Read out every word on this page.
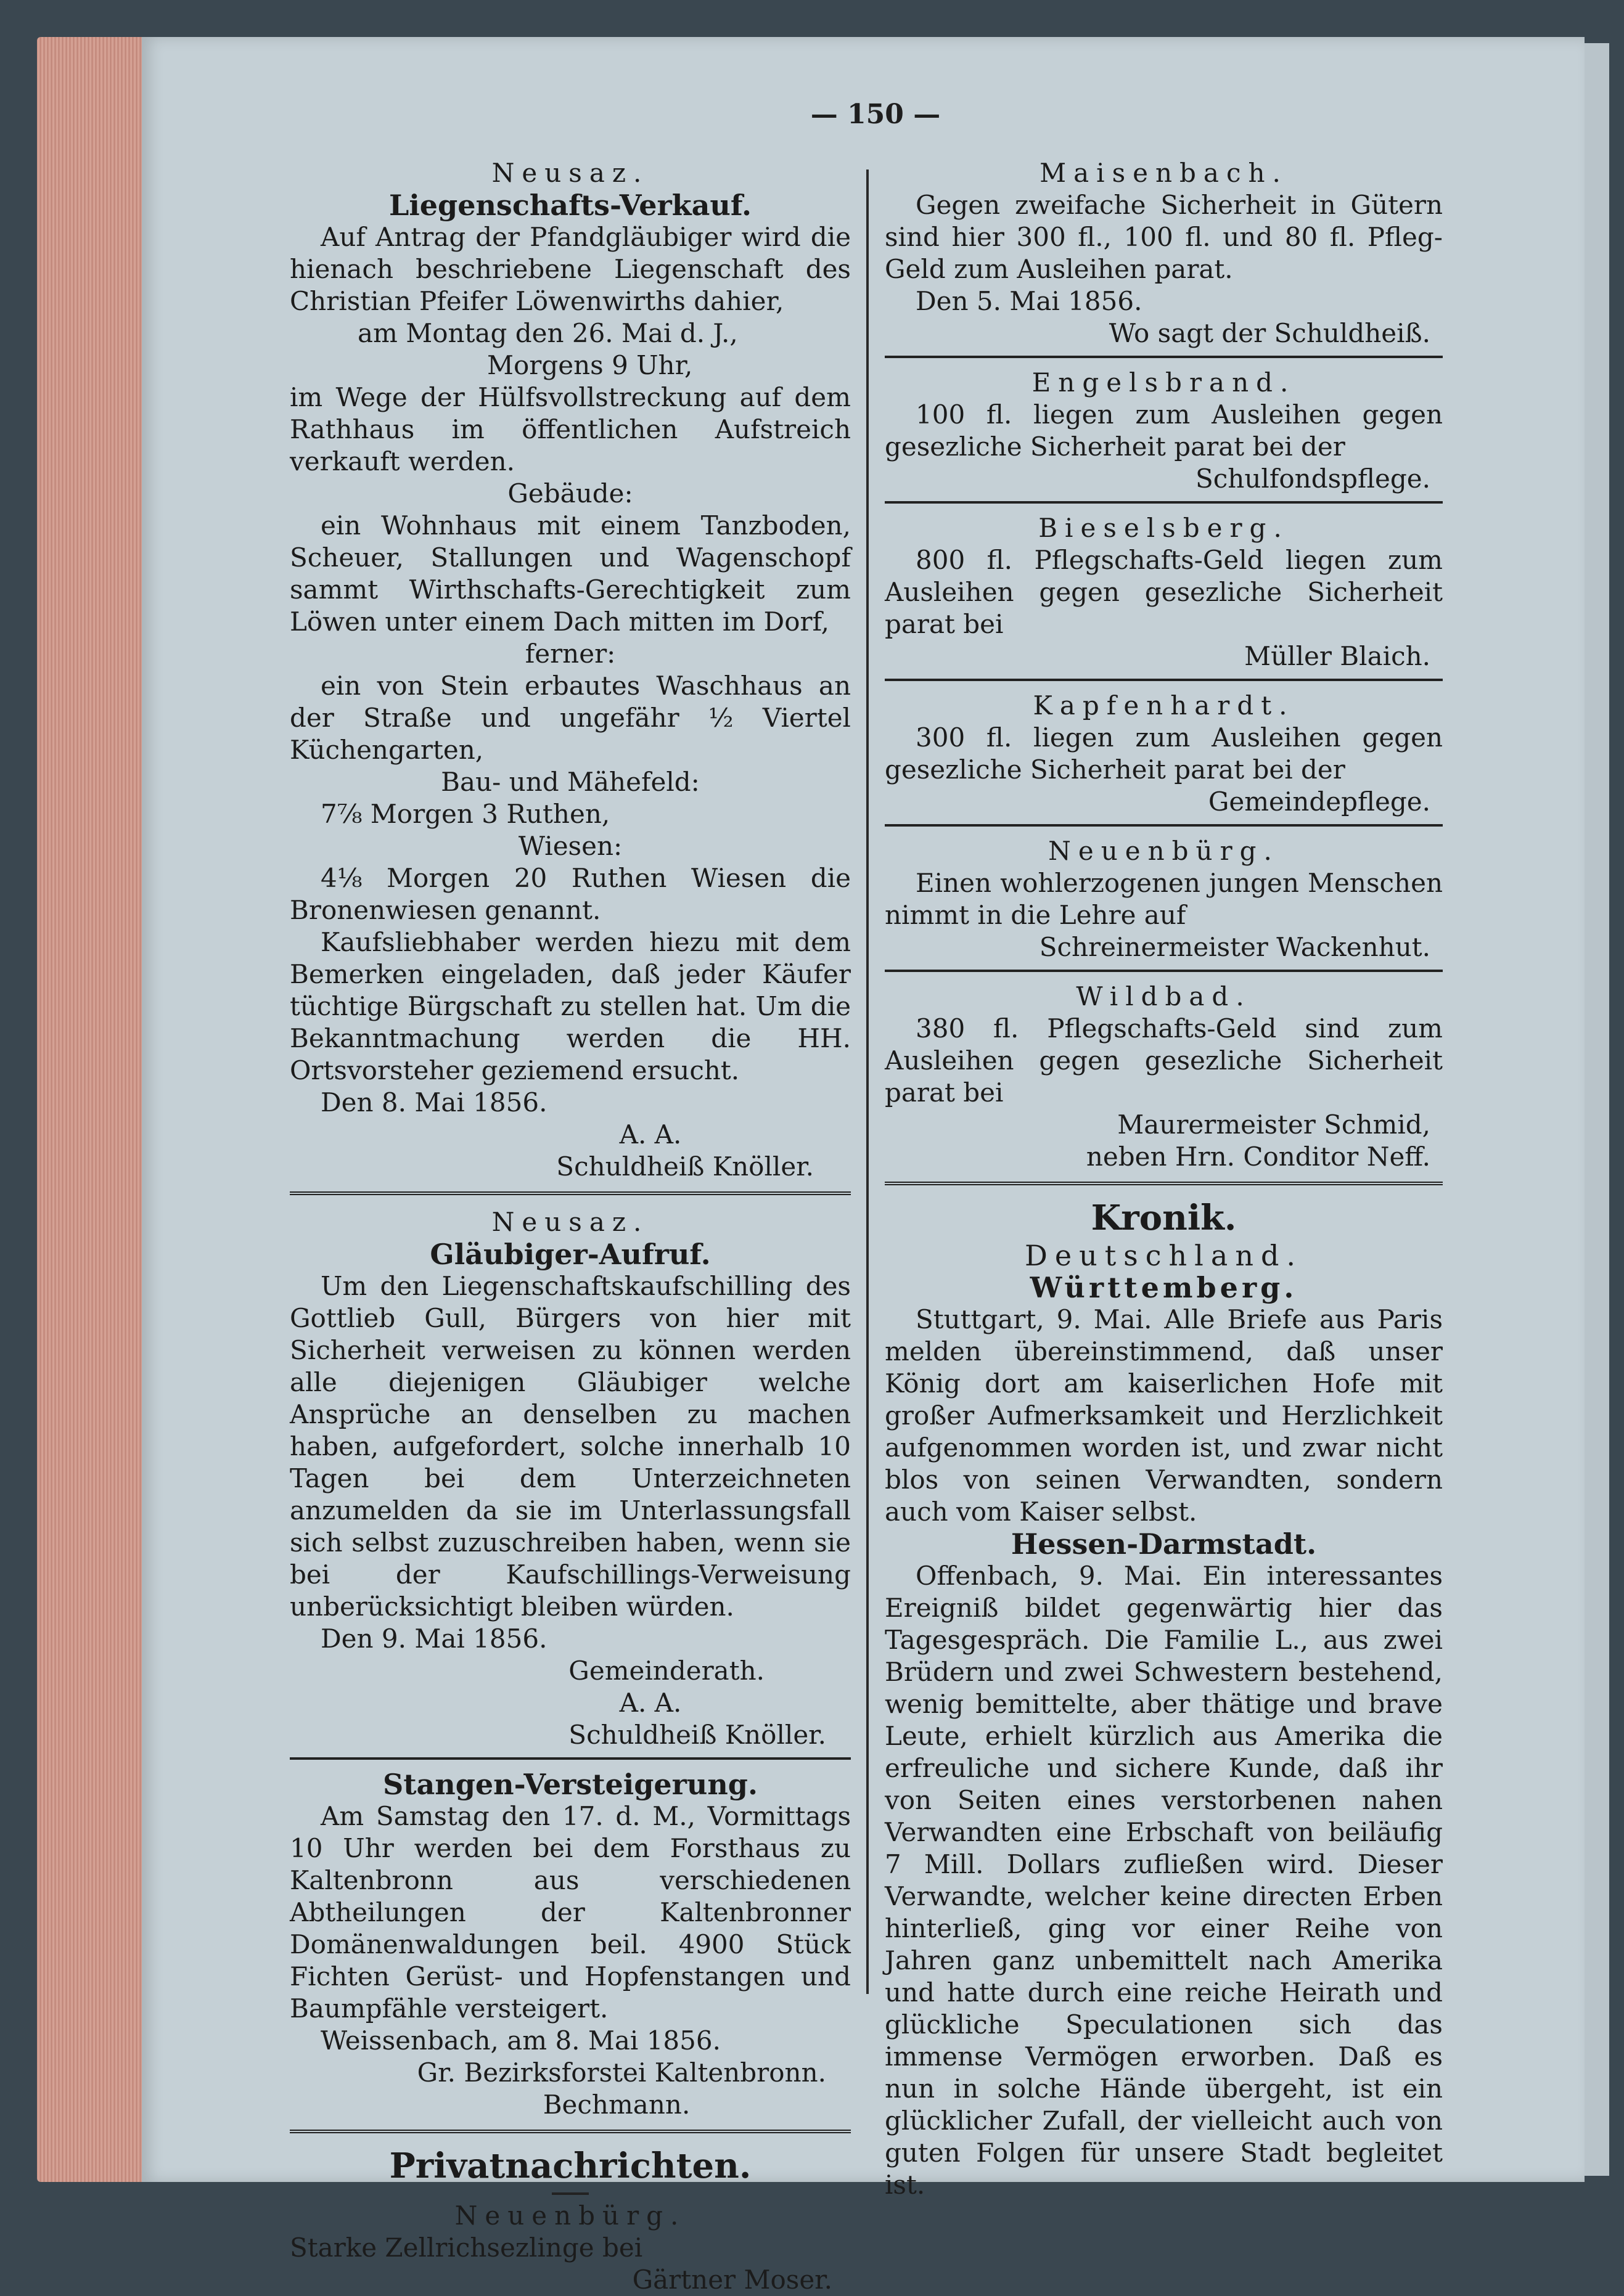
— 150 —
Neusaz.
Liegenschafts-Verkauf.
Auf Antrag der Pfandgläubiger wird die hienach beschriebene Liegenschaft des Christian Pfeifer Löwenwirths dahier,
am Montag den 26. Mai d. J.,
Morgens 9 Uhr,
im Wege der Hülfsvollstreckung auf dem Rathhaus im öffentlichen Aufstreich verkauft werden.
Gebäude:
ein Wohnhaus mit einem Tanzboden, Scheuer, Stallungen und Wagenschopf sammt Wirthschafts-Gerechtigkeit zum Löwen unter einem Dach mitten im Dorf,
ferner:
ein von Stein erbautes Waschhaus an der Straße und ungefähr ½ Viertel Küchengarten,
Bau- und Mähefeld:
7⅞ Morgen 3 Ruthen,
Wiesen:
4⅛ Morgen 20 Ruthen Wiesen die Bronenwiesen genannt.
Kaufsliebhaber werden hiezu mit dem Bemerken eingeladen, daß jeder Käufer tüchtige Bürgschaft zu stellen hat. Um die Bekanntmachung werden die HH. Ortsvorsteher geziemend ersucht.
Den 8. Mai 1856.
A. A.
Schuldheiß Knöller.
Neusaz.
Gläubiger-Aufruf.
Um den Liegenschaftskaufschilling des Gottlieb Gull, Bürgers von hier mit Sicherheit verweisen zu können werden alle diejenigen Gläubiger welche Ansprüche an denselben zu machen haben, aufgefordert, solche innerhalb 10 Tagen bei dem Unterzeichneten anzumelden da sie im Unterlassungsfall sich selbst zuzuschreiben haben, wenn sie bei der Kaufschillings-Verweisung unberücksichtigt bleiben würden.
Den 9. Mai 1856.
Gemeinderath.
A. A.
Schuldheiß Knöller.
Stangen-Versteigerung.
Am Samstag den 17. d. M., Vormittags 10 Uhr werden bei dem Forsthaus zu Kaltenbronn aus verschiedenen Abtheilungen der Kaltenbronner Domänenwaldungen beil. 4900 Stück Fichten Gerüst- und Hopfenstangen und Baumpfähle versteigert.
Weissenbach, am 8. Mai 1856.
Gr. Bezirksforstei Kaltenbronn.
Bechmann.
Privatnachrichten.
Neuenbürg.
Starke Zellrichsezlinge bei
Gärtner Moser.
Maisenbach.
Gegen zweifache Sicherheit in Gütern sind hier 300 fl., 100 fl. und 80 fl. Pfleg-Geld zum Ausleihen parat.
Den 5. Mai 1856.
Wo sagt der Schuldheiß.
Engelsbrand.
100 fl. liegen zum Ausleihen gegen gesezliche Sicherheit parat bei der
Schulfondspflege.
Bieselsberg.
800 fl. Pflegschafts-Geld liegen zum Ausleihen gegen gesezliche Sicherheit parat bei
Müller Blaich.
Kapfenhardt.
300 fl. liegen zum Ausleihen gegen gesezliche Sicherheit parat bei der
Gemeindepflege.
Neuenbürg.
Einen wohlerzogenen jungen Menschen nimmt in die Lehre auf
Schreinermeister Wackenhut.
Wildbad.
380 fl. Pflegschafts-Geld sind zum Ausleihen gegen gesezliche Sicherheit parat bei
Maurermeister Schmid,
neben Hrn. Conditor Neff.
Kronik.
Deutschland.
Württemberg.
Stuttgart, 9. Mai. Alle Briefe aus Paris melden übereinstimmend, daß unser König dort am kaiserlichen Hofe mit großer Aufmerksamkeit und Herzlichkeit aufgenommen worden ist, und zwar nicht blos von seinen Verwandten, sondern auch vom Kaiser selbst.
Hessen-Darmstadt.
Offenbach, 9. Mai. Ein interessantes Ereigniß bildet gegenwärtig hier das Tagesgespräch. Die Familie L., aus zwei Brüdern und zwei Schwestern bestehend, wenig bemittelte, aber thätige und brave Leute, erhielt kürzlich aus Amerika die erfreuliche und sichere Kunde, daß ihr von Seiten eines verstorbenen nahen Verwandten eine Erbschaft von beiläufig 7 Mill. Dollars zufließen wird. Dieser Verwandte, welcher keine directen Erben hinterließ, ging vor einer Reihe von Jahren ganz unbemittelt nach Amerika und hatte durch eine reiche Heirath und glückliche Speculationen sich das immense Vermögen erworben. Daß es nun in solche Hände übergeht, ist ein glücklicher Zufall, der vielleicht auch von guten Folgen für unsere Stadt begleitet ist.
